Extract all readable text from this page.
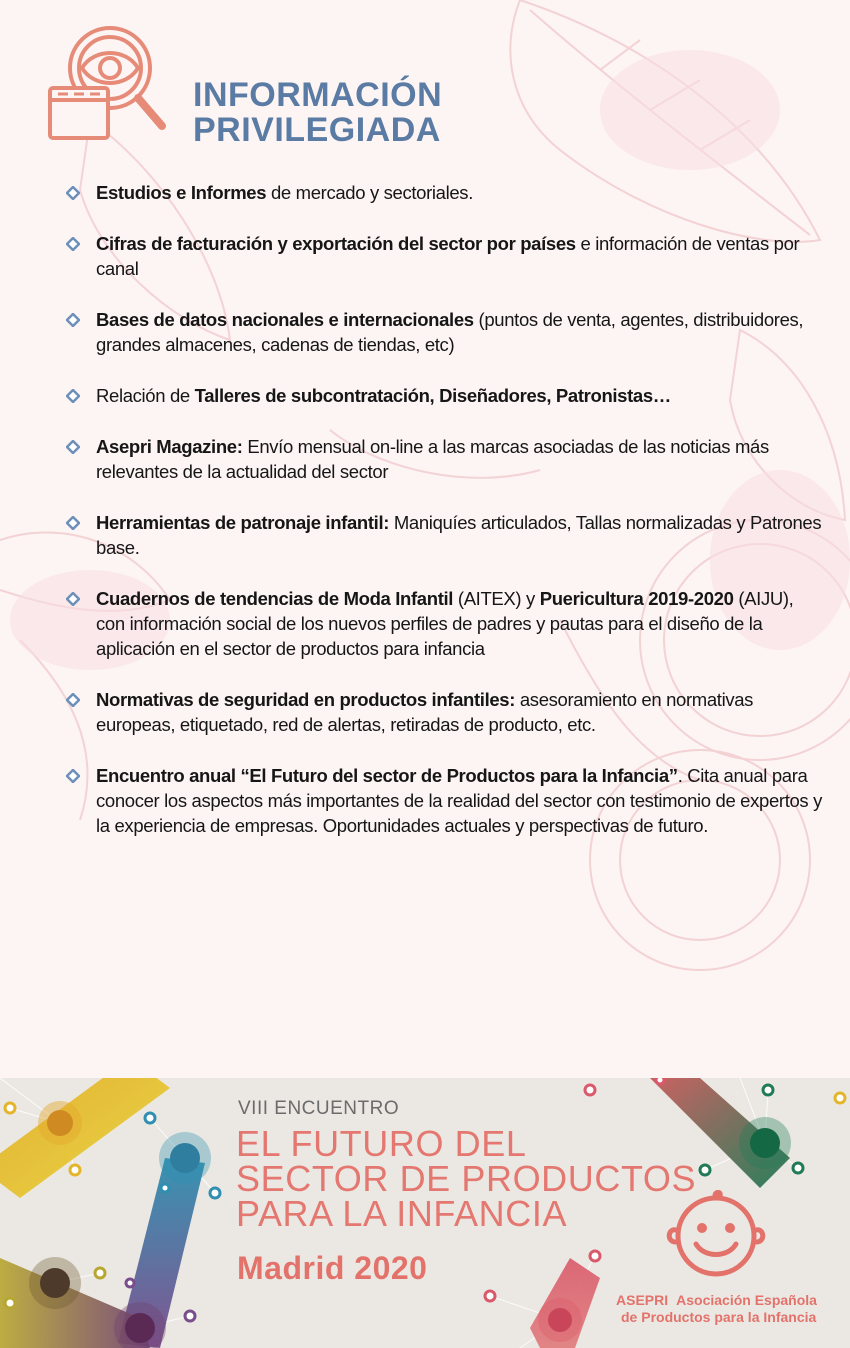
INFORMACIÓN
PRIVILEGIADA
Estudios e Informes de mercado y sectoriales.
Cifras de facturación y exportación del sector por países e información de ventas por canal
Bases de datos nacionales e internacionales (puntos de venta, agentes, distribuidores, grandes almacenes, cadenas de tiendas, etc)
Relación de Talleres de subcontratación, Diseñadores, Patronistas…
Asepri Magazine: Envío mensual on-line a las marcas asociadas de las noticias más relevantes de la actualidad del sector
Herramientas de patronaje infantil: Maniquíes articulados, Tallas normalizadas y Patrones base.
Cuadernos de tendencias de Moda Infantil (AITEX) y Puericultura 2019-2020 (AIJU), con información social de los nuevos perfiles de padres y pautas para el diseño de la aplicación en el sector de productos para infancia
Normativas de seguridad en productos infantiles: asesoramiento en normativas europeas, etiquetado, red de alertas, retiradas de producto, etc.
Encuentro anual “El Futuro del sector de Productos para la Infancia”. Cita anual para conocer los aspectos más importantes de la realidad del sector con testimonio de expertos y la experiencia de empresas. Oportunidades actuales y perspectivas de futuro.
VIII ENCUENTRO
EL FUTURO DEL
SECTOR DE PRODUCTOS
PARA LA INFANCIA
Madrid 2020
ASEPRI Asociación Española
de Productos para la Infancia
